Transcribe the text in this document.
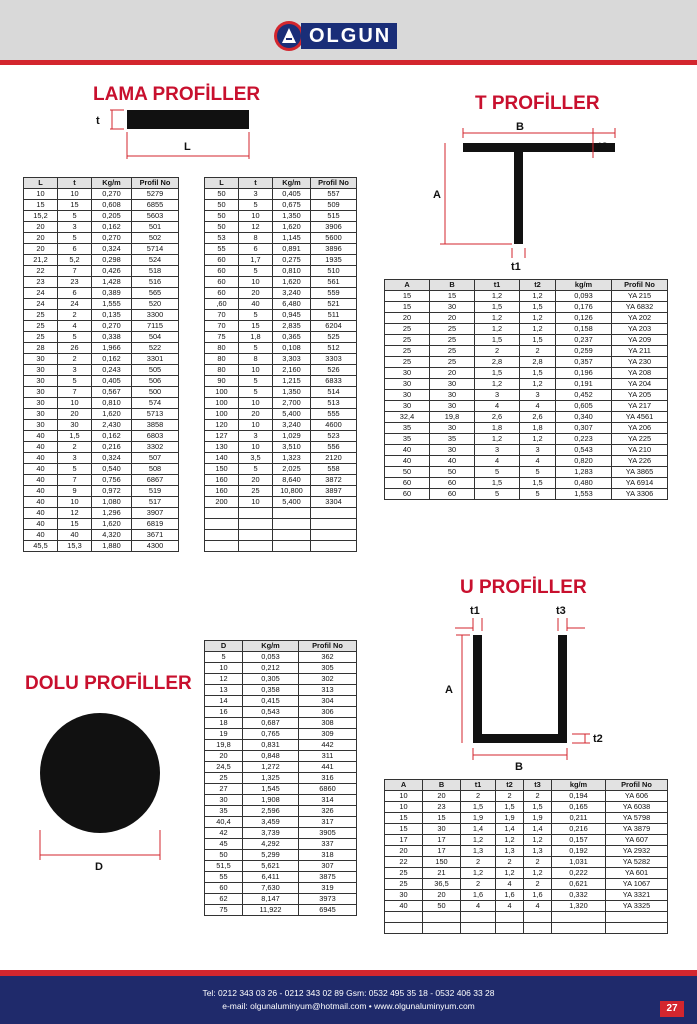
OLGUN
LAMA PROFİLLER
t
L
L	t	Kg/m	Profil No
10	10	0,270	5279
15	15	0,608	6855
15,2	5	0,205	5603
20	3	0,162	501
20	5	0,270	502
20	6	0,324	5714
21,2	5,2	0,298	524
22	7	0,426	518
23	23	1,428	516
24	6	0,389	565
24	24	1,555	520
25	2	0,135	3300
25	4	0,270	7115
25	5	0,338	504
28	26	1,966	522
30	2	0,162	3301
30	3	0,243	505
30	5	0,405	506
30	7	0,567	500
30	10	0,810	574
30	20	1,620	5713
30	30	2,430	3858
40	1,5	0,162	6803
40	2	0,216	3302
40	3	0,324	507
40	5	0,540	508
40	7	0,756	6867
40	9	0,972	519
40	10	1,080	517
40	12	1,296	3907
40	15	1,620	6819
40	40	4,320	3671
45,5	15,3	1,880	4300
L	t	Kg/m	Profil No
50	3	0,405	557
50	5	0,675	509
50	10	1,350	515
50	12	1,620	3906
53	8	1,145	5600
55	6	0,891	3896
60	1,7	0,275	1935
60	5	0,810	510
60	10	1,620	561
60	20	3,240	559
,60	40	6,480	521
70	5	0,945	511
70	15	2,835	6204
75	1,8	0,365	525
80	5	0,108	512
80	8	3,303	3303
80	10	2,160	526
90	5	1,215	6833
100	5	1,350	514
100	10	2,700	513
100	20	5,400	555
120	10	3,240	4600
127	3	1,029	523
130	10	3,510	556
140	3,5	1,323	2120
150	5	2,025	558
160	20	8,640	3872
160	25	10,800	3897
200	10	5,400	3304

T PROFİLLER
B
A
t2
t1
A	B	t1	t2	kg/m	Profil No
15	15	1,2	1,2	0,093	YA 215
15	30	1,5	1,5	0,176	YA 6832
20	20	1,2	1,2	0,126	YA 202
25	25	1,2	1,2	0,158	YA 203
25	25	1,5	1,5	0,237	YA 209
25	25	2	2	0,259	YA 211
25	25	2,8	2,8	0,357	YA 230
30	20	1,5	1,5	0,196	YA 208
30	30	1,2	1,2	0,191	YA 204
30	30	3	3	0,452	YA 205
30	30	4	4	0,605	YA 217
32,4	19,8	2,6	2,6	0,340	YA 4561
35	30	1,8	1,8	0,307	YA 206
35	35	1,2	1,2	0,223	YA 225
40	30	3	3	0,543	YA 210
40	40	4	4	0,820	YA 226
50	50	5	5	1,283	YA 3865
60	60	1,5	1,5	0,480	YA 6914
60	60	5	5	1,553	YA 3306
U PROFİLLER
t1	t3
A
t2
B
A	B	t1	t2	t3	kg/m	Profil No
10	20	2	2	2	0,194	YA 606
10	23	1,5	1,5	1,5	0,165	YA 6038
15	15	1,9	1,9	1,9	0,211	YA 5798
15	30	1,4	1,4	1,4	0,216	YA 3879
17	17	1,2	1,2	1,2	0,157	YA 607
20	17	1,3	1,3	1,3	0,192	YA 2932
22	150	2	2	2	1,031	YA 5282
25	21	1,2	1,2	1,2	0,222	YA 601
25	36,5	2	4	2	0,621	YA 1067
30	20	1,6	1,6	1,6	0,332	YA 3321
40	50	4	4	4	1,320	YA 3325

DOLU PROFİLLER
D
D	Kg/m	Profil No
5	0,053	362
10	0,212	305
12	0,305	302
13	0,358	313
14	0,415	304
16	0,543	306
18	0,687	308
19	0,765	309
19,8	0,831	442
20	0,848	311
24,5	1,272	441
25	1,325	316
27	1,545	6860
30	1,908	314
35	2,596	326
40,4	3,459	317
42	3,739	3905
45	4,292	337
50	5,299	318
51,5	5,621	307
55	6,411	3875
60	7,630	319
62	8,147	3973
75	11,922	6945
Tel: 0212 343 03 26 - 0212 343 02 89 Gsm: 0532 495 35 18 - 0532 406 33 28
e-mail: olgunaluminyum@hotmail.com • www.olgunaluminyum.com	27
